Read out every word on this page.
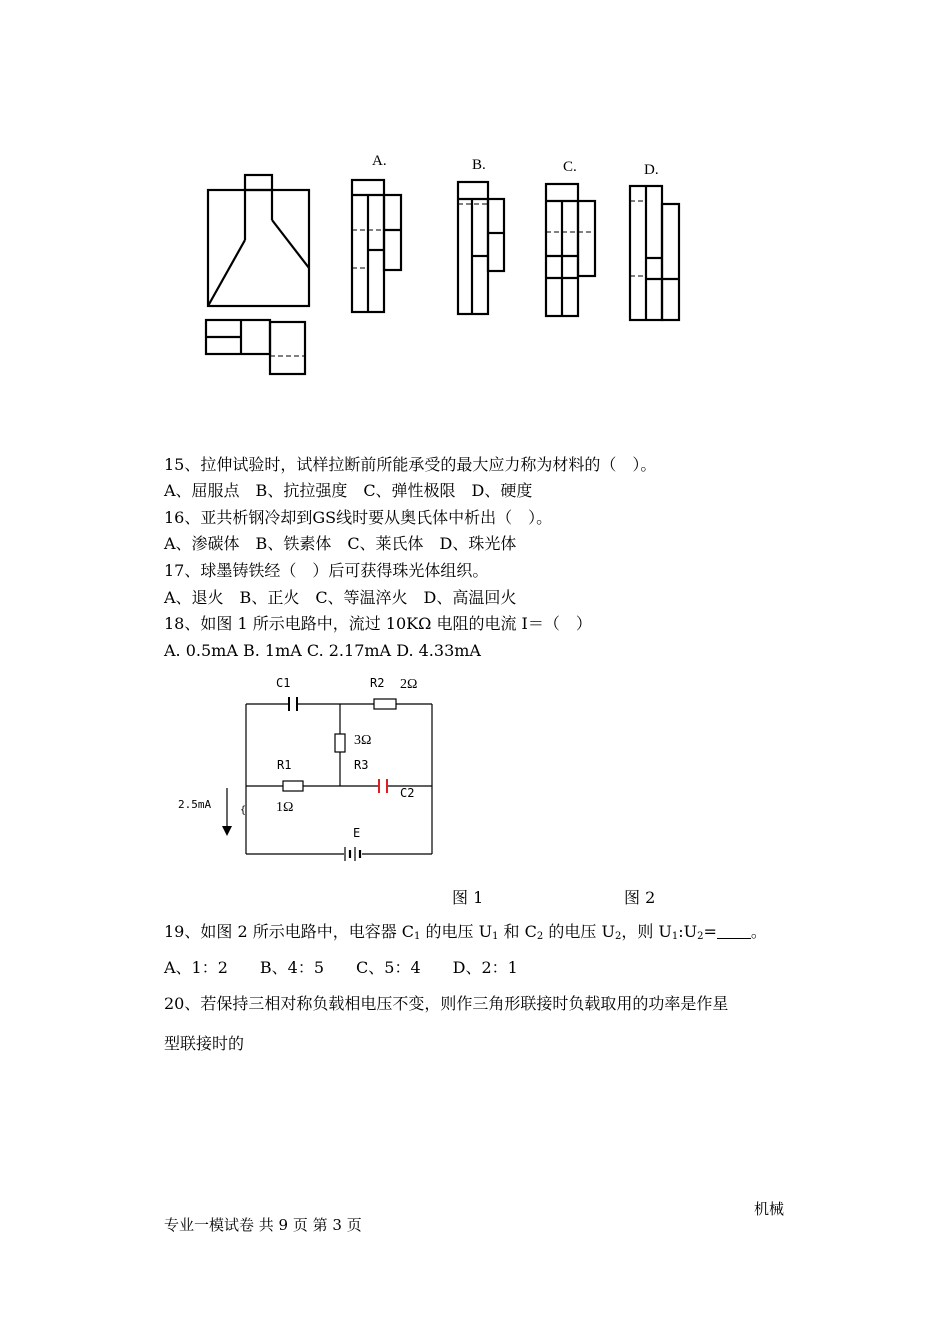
A.	B.	C.	D.
15、拉伸试验时，试样拉断前所能承受的最大应力称为材料的（　）。
A、屈服点　B、抗拉强度　C、弹性极限　D、硬度
16、亚共析钢冷却到GS线时要从奥氏体中析出（　）。
A、渗碳体　B、铁素体　C、莱氏体　D、珠光体
17、球墨铸铁经（　）后可获得珠光体组织。
A、退火　B、正火　C、等温淬火　D、高温回火
18、如图 1 所示电路中，流过 10KΩ 电阻的电流 I＝（　）
A. 0.5mA B. 1mA C. 2.17mA D. 4.33mA
{
C1	R2 2Ω
3Ω
R1	R3
C2
1Ω
2.5mA
E
图 1	图 2
19、如图 2 所示电路中，电容器 $C_1$ 的电压 $U_1$ 和 $C_2$ 的电压 $U_2$，则 $U_1:U_2=$ 。
A、1：2　　B、4：5　　C、5：4　　D、2：1
20、若保持三相对称负载相电压不变，则作三角形联接时负载取用的功率是作星
型联接时的
机械
专业一模试卷 共 9 页 第 3 页
